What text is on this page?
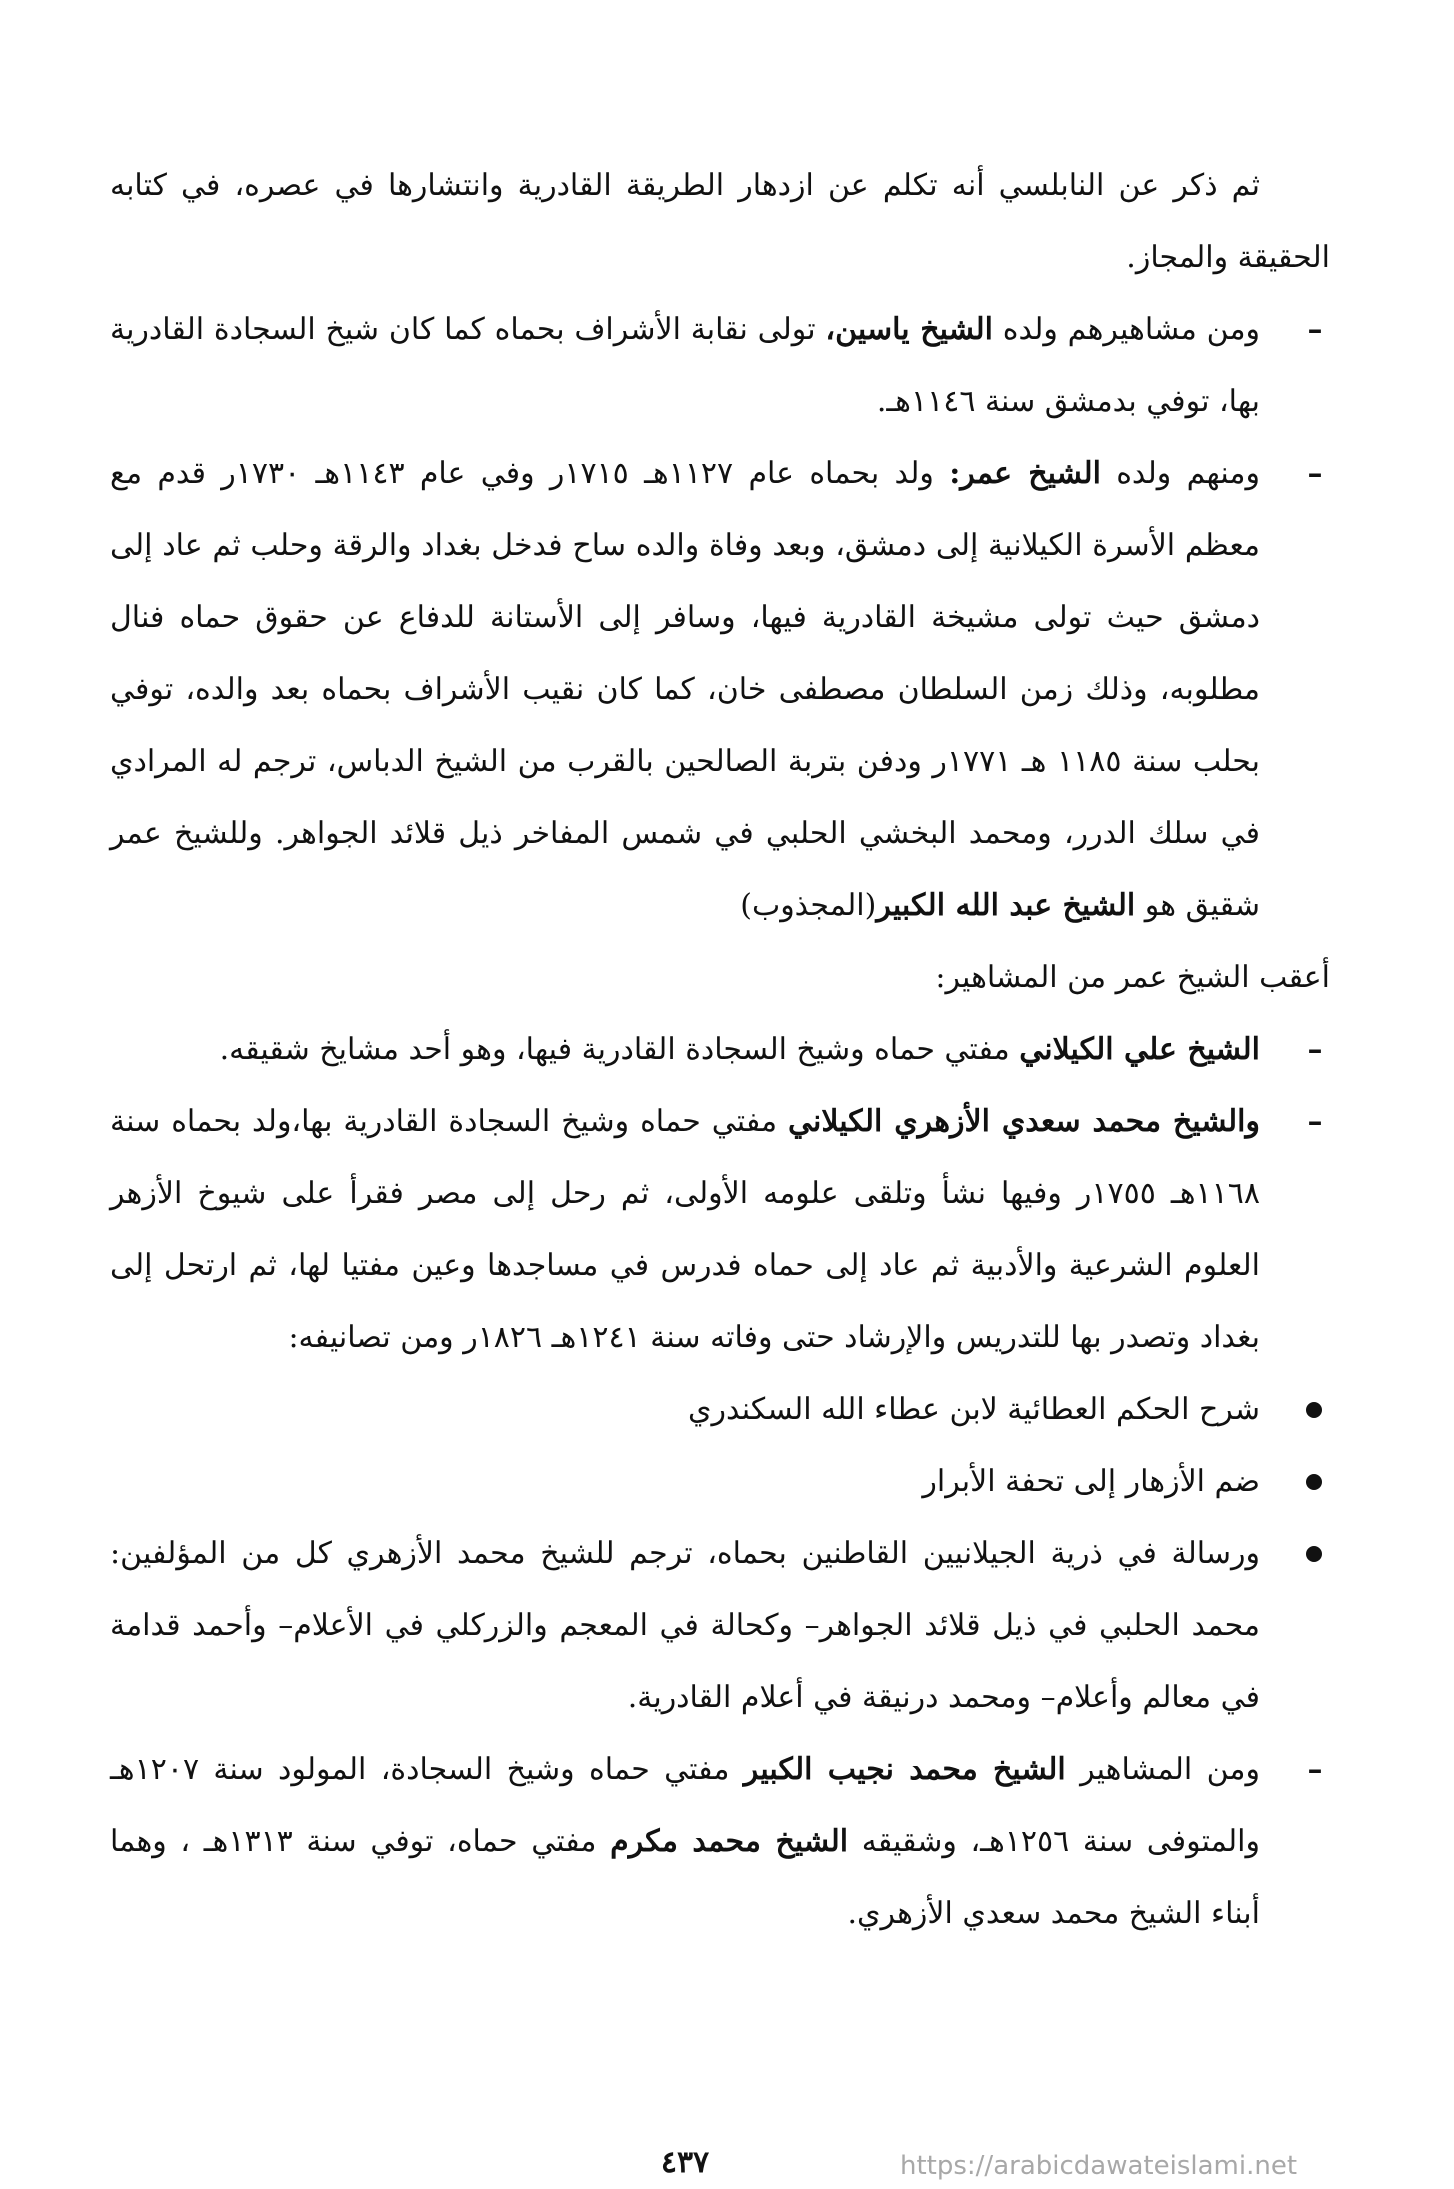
ثم ذكر عن النابلسي أنه تكلم عن ازدهار الطريقة القادرية وانتشارها في عصره، في كتابه الحقيقة والمجاز.

–
ومن مشاهيرهم ولده الشيخ ياسين، تولى نقابة الأشراف بحماه كما كان شيخ السجادة القادرية بها، توفي بدمشق سنة ١١٤٦هـ.

–
ومنهم ولده الشيخ عمر: ولد بحماه عام ١١٢٧هـ ١٧١٥ر وفي عام ١١٤٣هـ ١٧٣٠ر قدم مع معظم الأسرة الكيلانية إلى دمشق، وبعد وفاة والده ساح فدخل بغداد والرقة وحلب ثم عاد إلى دمشق حيث تولى مشيخة القادرية فيها، وسافر إلى الأستانة للدفاع عن حقوق حماه فنال مطلوبه، وذلك زمن السلطان مصطفى خان، كما كان نقيب الأشراف بحماه بعد والده، توفي بحلب سنة ١١٨٥ هـ ١٧٧١ر ودفن بتربة الصالحين بالقرب من الشيخ الدباس، ترجم له المرادي في سلك الدرر، ومحمد البخشي الحلبي في شمس المفاخر ذيل قلائد الجواهر. وللشيخ عمر شقيق هو الشيخ عبد الله الكبير(المجذوب)

أعقب الشيخ عمر من المشاهير:

–
الشيخ علي الكيلاني مفتي حماه وشيخ السجادة القادرية فيها، وهو أحد مشايخ شقيقه.

–
والشيخ محمد سعدي الأزهري الكيلاني مفتي حماه وشيخ السجادة القادرية بها،ولد بحماه سنة ١١٦٨هـ ١٧٥٥ر وفيها نشأ وتلقى علومه الأولى، ثم رحل إلى مصر فقرأ على شيوخ الأزهر العلوم الشرعية والأدبية ثم عاد إلى حماه فدرس في مساجدها وعين مفتيا لها، ثم ارتحل إلى بغداد وتصدر بها للتدريس والإرشاد حتى وفاته سنة ١٢٤١هـ ١٨٢٦ر ومن تصانيفه:

شرح الحكم العطائية لابن عطاء الله السكندري

ضم الأزهار إلى تحفة الأبرار

ورسالة في ذرية الجيلانيين القاطنين بحماه، ترجم للشيخ محمد الأزهري كل من المؤلفين: محمد الحلبي في ذيل قلائد الجواهر– وكحالة في المعجم والزركلي في الأعلام– وأحمد قدامة في معالم وأعلام– ومحمد درنيقة في أعلام القادرية.

–
ومن المشاهير الشيخ محمد نجيب الكبير مفتي حماه وشيخ السجادة، المولود سنة ١٢٠٧هـ والمتوفى سنة ١٢٥٦هـ، وشقيقه الشيخ محمد مكرم مفتي حماه، توفي سنة ١٣١٣هـ ، وهما أبناء الشيخ محمد سعدي الأزهري.

٤٣٧	https://arabicdawateislami.net
